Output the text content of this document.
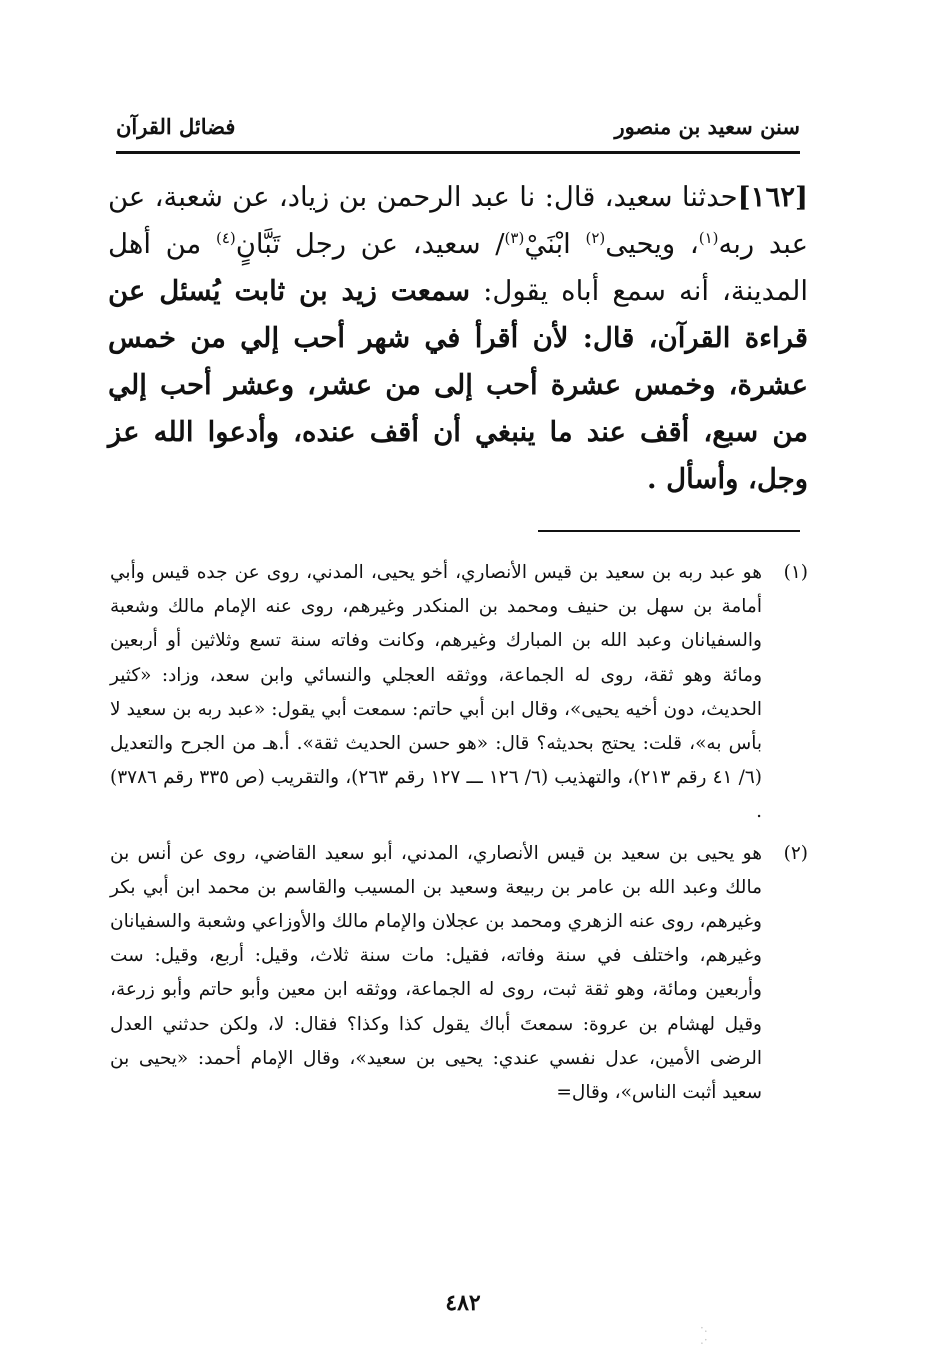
سنن سعيد بن منصور
فضائل القرآن
[١٦٢]حدثنا سعيد، قال: نا عبد الرحمن بن زياد، عن شعبة، عن عبد ربه$^{(١)}$، ويحيى$^{(٢)}$ ابْنَيْ$^{(٣)}$/ سعيد، عن رجل تَبَّانٍ$^{(٤)}$ من أهل المدينة، أنه سمع أباه يقول: سمعت زيد بن ثابت يُسئل عن قراءة القرآن، قال: لأن أقرأ في شهر أحب إلي من خمس عشرة، وخمس عشرة أحب إلى من عشر، وعشر أحب إلي من سبع، أقف عند ما ينبغي أن أقف عنده، وأدعوا الله عز وجل، وأسأل .
(١)
هو عبد ربه بن سعيد بن قيس الأنصاري، أخو يحيى، المدني، روى عن جده قيس وأبي أمامة بن سهل بن حنيف ومحمد بن المنكدر وغيرهم، روى عنه الإمام مالك وشعبة والسفيانان وعبد الله بن المبارك وغيرهم، وكانت وفاته سنة تسع وثلاثين أو أربعين ومائة وهو ثقة، روى له الجماعة، ووثقه العجلي والنسائي وابن سعد، وزاد: «كثير الحديث، دون أخيه يحيى»، وقال ابن أبي حاتم: سمعت أبي يقول: «عبد ربه بن سعيد لا بأس به»، قلت: يحتج بحديثه؟ قال: «هو حسن الحديث ثقة». أ.هـ من الجرح والتعديل (٦/ ٤١ رقم ٢١٣)، والتهذيب (٦/ ١٢٦ ـــ ١٢٧ رقم ٢٦٣)، والتقريب (ص ٣٣٥ رقم ٣٧٨٦) .
(٢)
هو يحيى بن سعيد بن قيس الأنصاري، المدني، أبو سعيد القاضي، روى عن أنس بن مالك وعبد الله بن عامر بن ربيعة وسعيد بن المسيب والقاسم بن محمد ابن أبي بكر وغيرهم، روى عنه الزهري ومحمد بن عجلان والإمام مالك والأوزاعي وشعبة والسفيانان وغيرهم، واختلف في سنة وفاته، فقيل: مات سنة ثلاث، وقيل: أربع، وقيل: ست وأربعين ومائة، وهو ثقة ثبت، روى له الجماعة، ووثقه ابن معين وأبو حاتم وأبو زرعة، وقيل لهشام بن عروة: سمعتَ أباك يقول كذا وكذا؟ فقال: لا، ولكن حدثني العدل الرضى الأمين، عدل نفسي عندي: يحيى بن سعيد»، وقال الإمام أحمد: «يحيى بن سعيد أثبت الناس»، وقال=
٤٨٢
·.
.·
